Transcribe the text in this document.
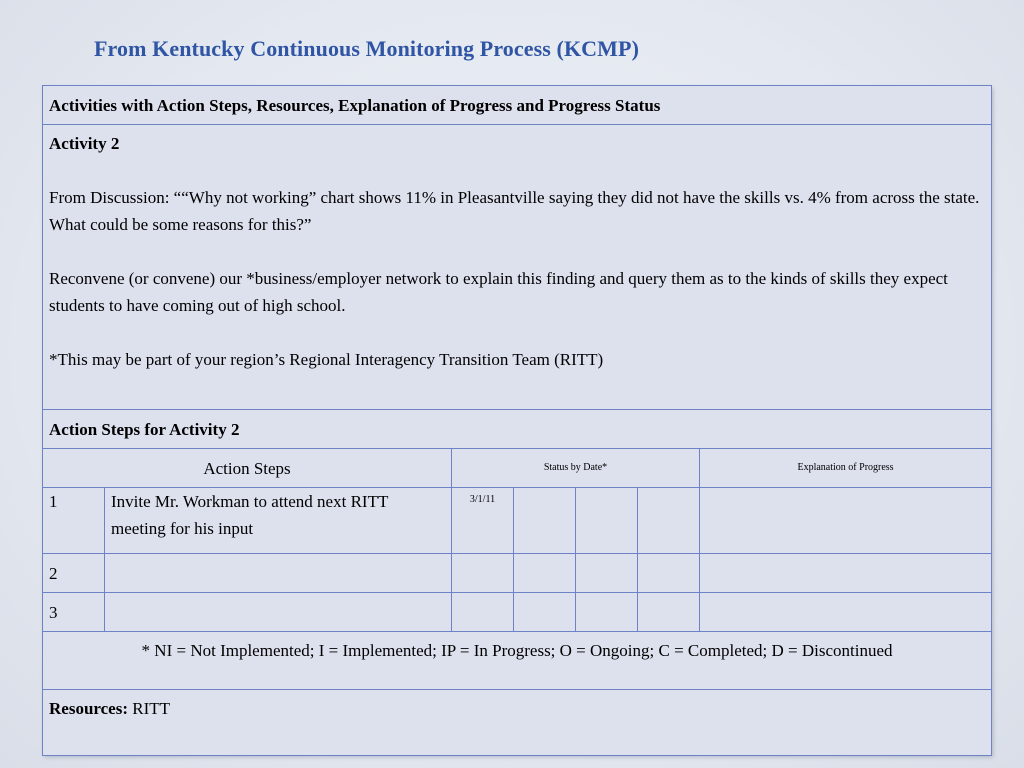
From Kentucky Continuous Monitoring Process (KCMP)
Activities with Action Steps, Resources, Explanation of Progress and Progress Status						

Activity 2

From Discussion: ““Why not working” chart shows 11% in Pleasantville saying they did not have the skills vs. 4% from across the state. What could be some reasons for this?”

Reconvene (or convene) our *business/employer network to explain this finding and query them as to the kinds of skills they expect students to have coming out of high school.

*This may be part of your region’s Regional Interagency Transition Team (RITT)						

Action Steps for Activity 2						
Action Steps		Status by Date*				Explanation of Progress
1	Invite Mr. Workman to attend next RITT meeting for his input	3/1/11				
2						
3						
* NI = Not Implemented; I = Implemented; IP = In Progress; O = Ongoing; C = Completed; D = Discontinued						
Resources: RITT						
